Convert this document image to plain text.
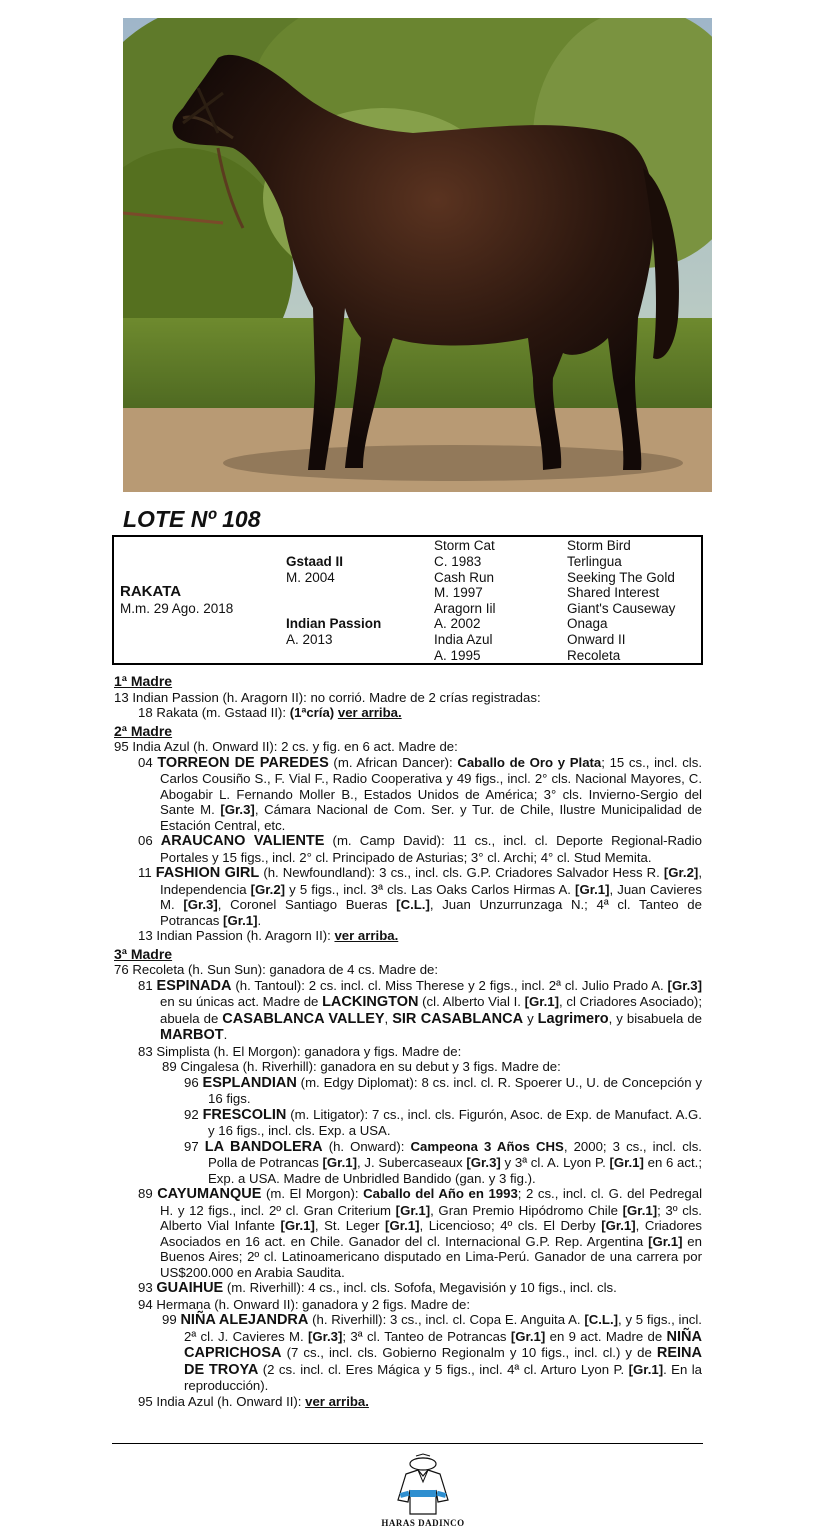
LOTE Nº 108
RAKATA
M.m. 29 Ago. 2018
Gstaad II
M. 2004
Indian Passion
A. 2013
Storm Cat
C. 1983
Cash Run
M. 1997
Aragorn Iil
A. 2002
India Azul
A. 1995
Storm Bird
Terlingua
Seeking The Gold
Shared Interest
Giant's Causeway
Onaga
Onward II
Recoleta

1ª Madre

13 Indian Passion (h. Aragorn II): no corrió. Madre de 2 crías registradas:

18 Rakata (m. Gstaad II): (1ªcría) ver arriba.

2ª Madre

95 India Azul (h. Onward II): 2 cs. y fig. en 6 act. Madre de:

04 TORREON DE PAREDES (m. African Dancer): Caballo de Oro y Plata; 15 cs., incl. cls. Carlos Cousiño S., F. Vial F., Radio Cooperativa y 49 figs., incl. 2° cls. Nacional Mayores, C. Abogabir L. Fernando Moller B., Estados Unidos de América; 3° cls. Invierno-Sergio del Sante M. [Gr.3], Cámara Nacional de Com. Ser. y Tur. de Chile, Ilustre Municipalidad de Estación Central, etc.

06 ARAUCANO VALIENTE (m. Camp David): 11 cs., incl. cl. Deporte Regional-Radio Portales y 15 figs., incl. 2° cl. Principado de Asturias; 3° cl. Archi; 4° cl. Stud Memita.

11 FASHION GIRL (h. Newfoundland): 3 cs., incl. cls. G.P. Criadores Salvador Hess R. [Gr.2], Independencia [Gr.2] y 5 figs., incl. 3ª cls. Las Oaks Carlos Hirmas A. [Gr.1], Juan Cavieres M. [Gr.3], Coronel Santiago Bueras [C.L.], Juan Unzurrunzaga N.; 4ª cl. Tanteo de Potrancas [Gr.1].

13 Indian Passion (h. Aragorn II): ver arriba.

3ª Madre

76 Recoleta (h. Sun Sun): ganadora de 4 cs. Madre de:

81 ESPINADA (h. Tantoul): 2 cs. incl. cl. Miss Therese y 2 figs., incl. 2ª cl. Julio Prado A. [Gr.3] en su únicas act. Madre de LACKINGTON (cl. Alberto Vial I. [Gr.1], cl Criadores Asociado); abuela de CASABLANCA VALLEY, SIR CASABLANCA y Lagrimero, y bisabuela de MARBOT.

83 Simplista (h. El Morgon): ganadora y figs. Madre de:

89 Cingalesa (h. Riverhill): ganadora en su debut y 3 figs. Madre de:

96 ESPLANDIAN (m. Edgy Diplomat): 8 cs. incl. cl. R. Spoerer U., U. de Concepción y 16 figs.

92 FRESCOLIN (m. Litigator): 7 cs., incl. cls. Figurón, Asoc. de Exp. de Manufact. A.G. y 16 figs., incl. cls. Exp. a USA.

97 LA BANDOLERA (h. Onward): Campeona 3 Años CHS, 2000; 3 cs., incl. cls. Polla de Potrancas [Gr.1], J. Subercaseaux [Gr.3] y 3ª cl. A. Lyon P. [Gr.1] en 6 act.; Exp. a USA. Madre de Unbridled Bandido (gan. y 3 fig.).

89 CAYUMANQUE (m. El Morgon): Caballo del Año en 1993; 2 cs., incl. cl. G. del Pedregal H. y 12 figs., incl. 2º cl. Gran Criterium [Gr.1], Gran Premio Hipódromo Chile [Gr.1]; 3º cls. Alberto Vial Infante [Gr.1], St. Leger [Gr.1], Licencioso; 4º cls. El Derby [Gr.1], Criadores Asociados en 16 act. en Chile. Ganador del cl. Internacional G.P. Rep. Argentina [Gr.1] en Buenos Aires; 2º cl. Latinoamericano disputado en Lima-Perú. Ganador de una carrera por US$200.000 en Arabia Saudita.

93 GUAIHUE (m. Riverhill): 4 cs., incl. cls. Sofofa, Megavisión y 10 figs., incl. cls.

94 Hermana (h. Onward II): ganadora y 2 figs. Madre de:

99 NIÑA ALEJANDRA (h. Riverhill): 3 cs., incl. cl. Copa E. Anguita A. [C.L.], y 5 figs., incl. 2ª cl. J. Cavieres M. [Gr.3]; 3ª cl. Tanteo de Potrancas [Gr.1] en 9 act. Madre de NIÑA CAPRICHOSA (7 cs., incl. cls. Gobierno Regionalm y 10 figs., incl. cl.) y de REINA DE TROYA (2 cs. incl. cl. Eres Mágica y 5 figs., incl. 4ª cl. Arturo Lyon P. [Gr.1]. En la reproducción).

95 India Azul (h. Onward II): ver arriba.

HARAS DADINCO
